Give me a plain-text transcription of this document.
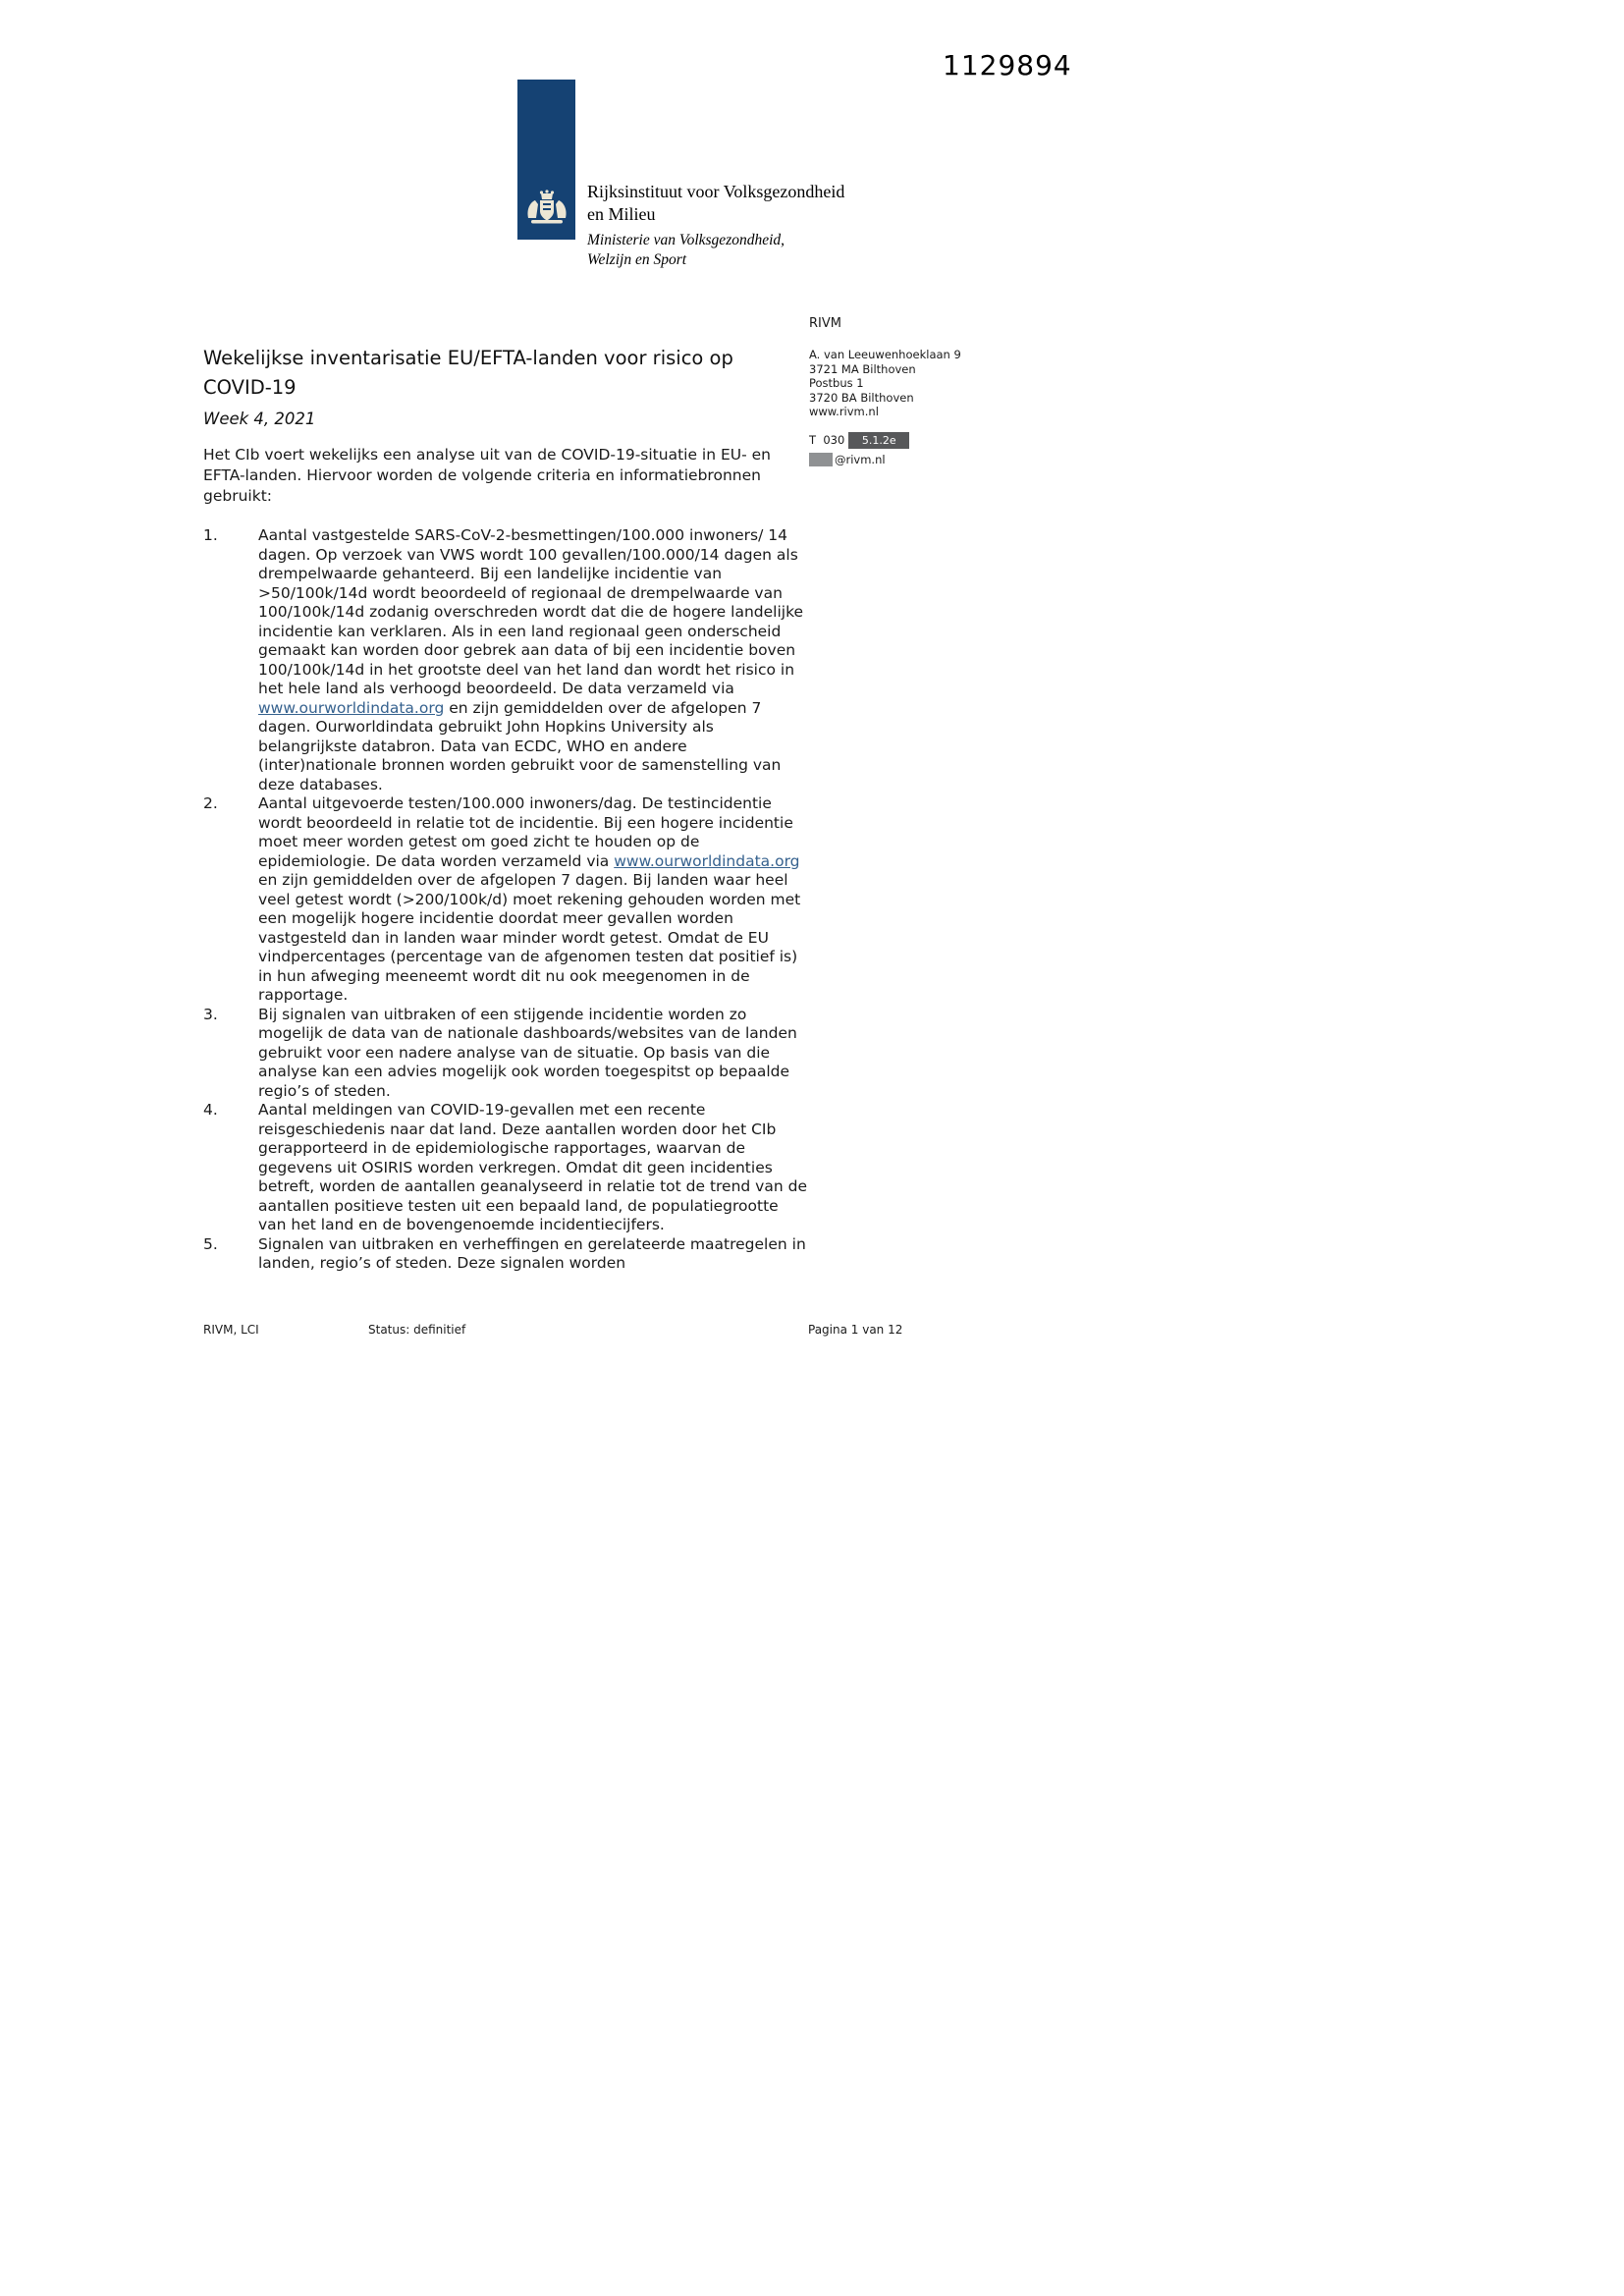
1129894
Rijksinstituut voor Volksgezondheid
en Milieu
Ministerie van Volksgezondheid,
Welzijn en Sport
RIVM
A. van Leeuwenhoeklaan 9
3721 MA Bilthoven
Postbus 1
3720 BA Bilthoven
www.rivm.nl
T  030	5.1.2e
@rivm.nl
Wekelijkse inventarisatie EU/EFTA-landen voor risico op
COVID-19
Week 4, 2021
Het CIb voert wekelijks een analyse uit van de COVID-19-situatie in EU- en EFTA-landen. Hiervoor worden de volgende criteria en informatiebronnen gebruikt:
1.	Aantal vastgestelde SARS-CoV-2-besmettingen/100.000 inwoners/ 14 dagen. Op verzoek van VWS wordt 100 gevallen/100.000/14 dagen als drempelwaarde gehanteerd. Bij een landelijke incidentie van >50/100k/14d wordt beoordeeld of regionaal de drempelwaarde van 100/100k/14d zodanig overschreden wordt dat die de hogere landelijke incidentie kan verklaren. Als in een land regionaal geen onderscheid gemaakt kan worden door gebrek aan data of bij een incidentie boven 100/100k/14d in het grootste deel van het land dan wordt het risico in het hele land als verhoogd beoordeeld. De data verzameld via www.ourworldindata.org en zijn gemiddelden over de afgelopen 7 dagen. Ourworldindata gebruikt John Hopkins University als belangrijkste databron. Data van ECDC, WHO en andere (inter)nationale bronnen worden gebruikt voor de samenstelling van deze databases.
2.	Aantal uitgevoerde testen/100.000 inwoners/dag. De testincidentie wordt beoordeeld in relatie tot de incidentie. Bij een hogere incidentie moet meer worden getest om goed zicht te houden op de epidemiologie. De data worden verzameld via www.ourworldindata.org en zijn gemiddelden over de afgelopen 7 dagen. Bij landen waar heel veel getest wordt (>200/100k/d) moet rekening gehouden worden met een mogelijk hogere incidentie doordat meer gevallen worden vastgesteld dan in landen waar minder wordt getest. Omdat de EU vindpercentages (percentage van de afgenomen testen dat positief is) in hun afweging meeneemt wordt dit nu ook meegenomen in de rapportage.
3.	Bij signalen van uitbraken of een stijgende incidentie worden zo mogelijk de data van de nationale dashboards/websites van de landen gebruikt voor een nadere analyse van de situatie. Op basis van die analyse kan een advies mogelijk ook worden toegespitst op bepaalde regio’s of steden.
4.	Aantal meldingen van COVID-19-gevallen met een recente reisgeschiedenis naar dat land. Deze aantallen worden door het CIb gerapporteerd in de epidemiologische rapportages, waarvan de gegevens uit OSIRIS worden verkregen. Omdat dit geen incidenties betreft, worden de aantallen geanalyseerd in relatie tot de trend van de aantallen positieve testen uit een bepaald land, de populatiegrootte van het land en de bovengenoemde incidentiecijfers.
5.	Signalen van uitbraken en verheffingen en gerelateerde maatregelen in landen, regio’s of steden. Deze signalen worden
RIVM, LCI	Status: definitief	Pagina 1 van 12
